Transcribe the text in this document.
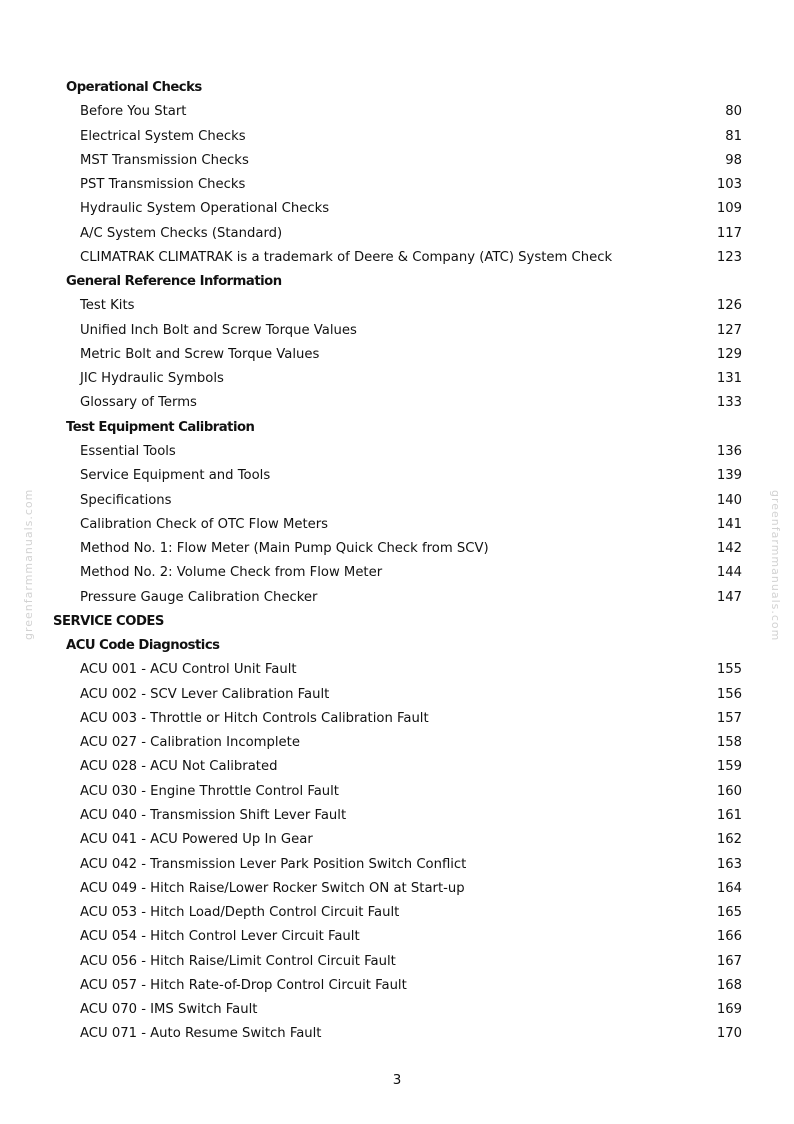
greenfarmmanuals.com	greenfarmmanuals.com
Operational Checks
Before You Start	80
Electrical System Checks	81
MST Transmission Checks	98
PST Transmission Checks	103
Hydraulic System Operational Checks	109
A/C System Checks (Standard)	117
CLIMATRAK CLIMATRAK is a trademark of Deere & Company (ATC) System Check	123
General Reference Information
Test Kits	126
Unified Inch Bolt and Screw Torque Values	127
Metric Bolt and Screw Torque Values	129
JIC Hydraulic Symbols	131
Glossary of Terms	133
Test Equipment Calibration
Essential Tools	136
Service Equipment and Tools	139
Specifications	140
Calibration Check of OTC Flow Meters	141
Method No. 1: Flow Meter (Main Pump Quick Check from SCV)	142
Method No. 2: Volume Check from Flow Meter	144
Pressure Gauge Calibration Checker	147
SERVICE CODES
ACU Code Diagnostics
ACU 001 - ACU Control Unit Fault	155
ACU 002 - SCV Lever Calibration Fault	156
ACU 003 - Throttle or Hitch Controls Calibration Fault	157
ACU 027 - Calibration Incomplete	158
ACU 028 - ACU Not Calibrated	159
ACU 030 - Engine Throttle Control Fault	160
ACU 040 - Transmission Shift Lever Fault	161
ACU 041 - ACU Powered Up In Gear	162
ACU 042 - Transmission Lever Park Position Switch Conflict	163
ACU 049 - Hitch Raise/Lower Rocker Switch ON at Start-up	164
ACU 053 - Hitch Load/Depth Control Circuit Fault	165
ACU 054 - Hitch Control Lever Circuit Fault	166
ACU 056 - Hitch Raise/Limit Control Circuit Fault	167
ACU 057 - Hitch Rate-of-Drop Control Circuit Fault	168
ACU 070 - IMS Switch Fault	169
ACU 071 - Auto Resume Switch Fault	170
3
